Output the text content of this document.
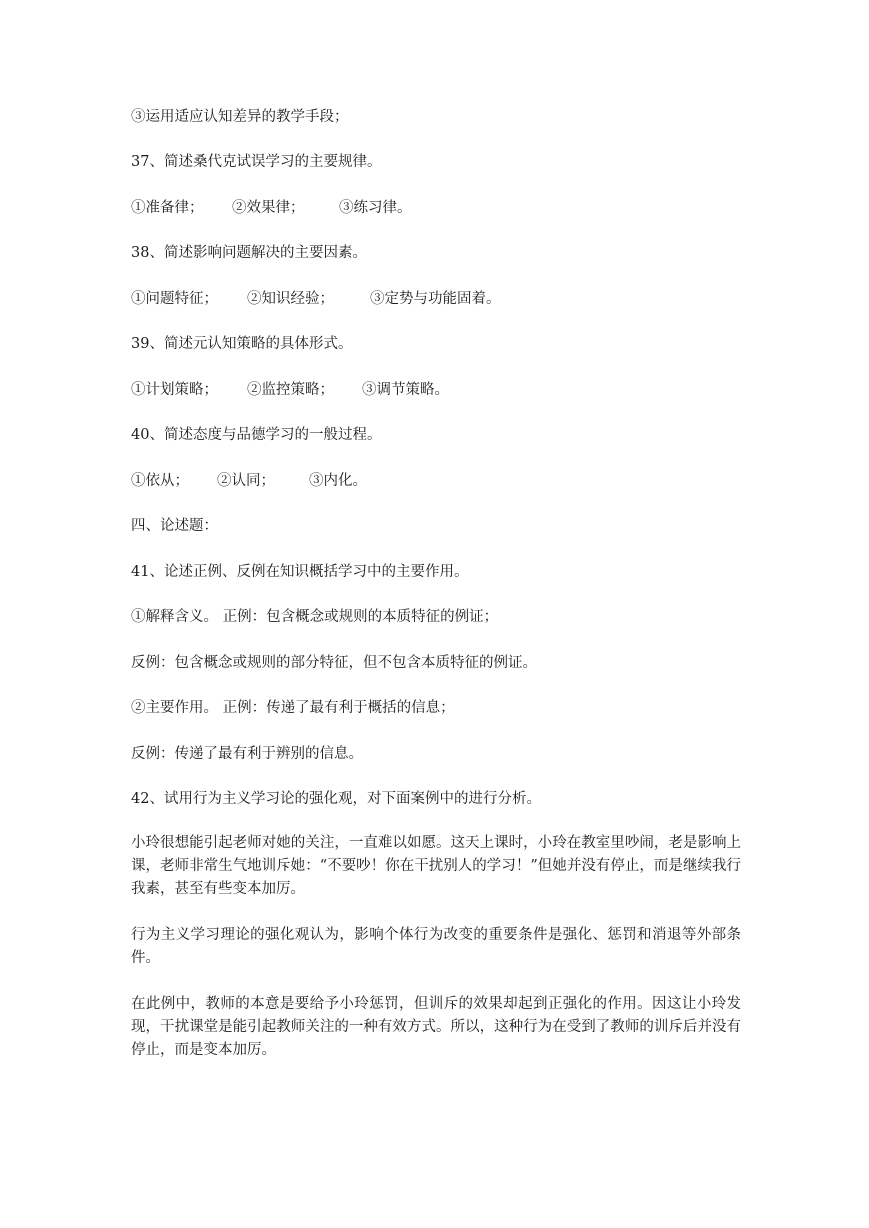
③运用适应认知差异的教学手段；
37、简述桑代克试误学习的主要规律。
①准备律； ②效果律； ③练习律。
38、简述影响问题解决的主要因素。
①问题特征； ②知识经验； ③定势与功能固着。
39、简述元认知策略的具体形式。
①计划策略； ②监控策略； ③调节策略。
40、简述态度与品德学习的一般过程。
①依从； ②认同； ③内化。
四、论述题：
41、论述正例、反例在知识概括学习中的主要作用。
①解释含义。 正例：包含概念或规则的本质特征的例证；
反例：包含概念或规则的部分特征，但不包含本质特征的例证。
②主要作用。 正例：传递了最有利于概括的信息；
反例：传递了最有利于辨别的信息。
42、试用行为主义学习论的强化观，对下面案例中的进行分析。
小玲很想能引起老师对她的关注，一直难以如愿。这天上课时，小玲在教室里吵闹，老是影响上课，老师非常生气地训斥她：“不要吵！你在干扰别人的学习！”但她并没有停止，而是继续我行我素，甚至有些变本加厉。
行为主义学习理论的强化观认为，影响个体行为改变的重要条件是强化、惩罚和消退等外部条件。
在此例中，教师的本意是要给予小玲惩罚，但训斥的效果却起到正强化的作用。因这让小玲发现，干扰课堂是能引起教师关注的一种有效方式。所以，这种行为在受到了教师的训斥后并没有停止，而是变本加厉。
